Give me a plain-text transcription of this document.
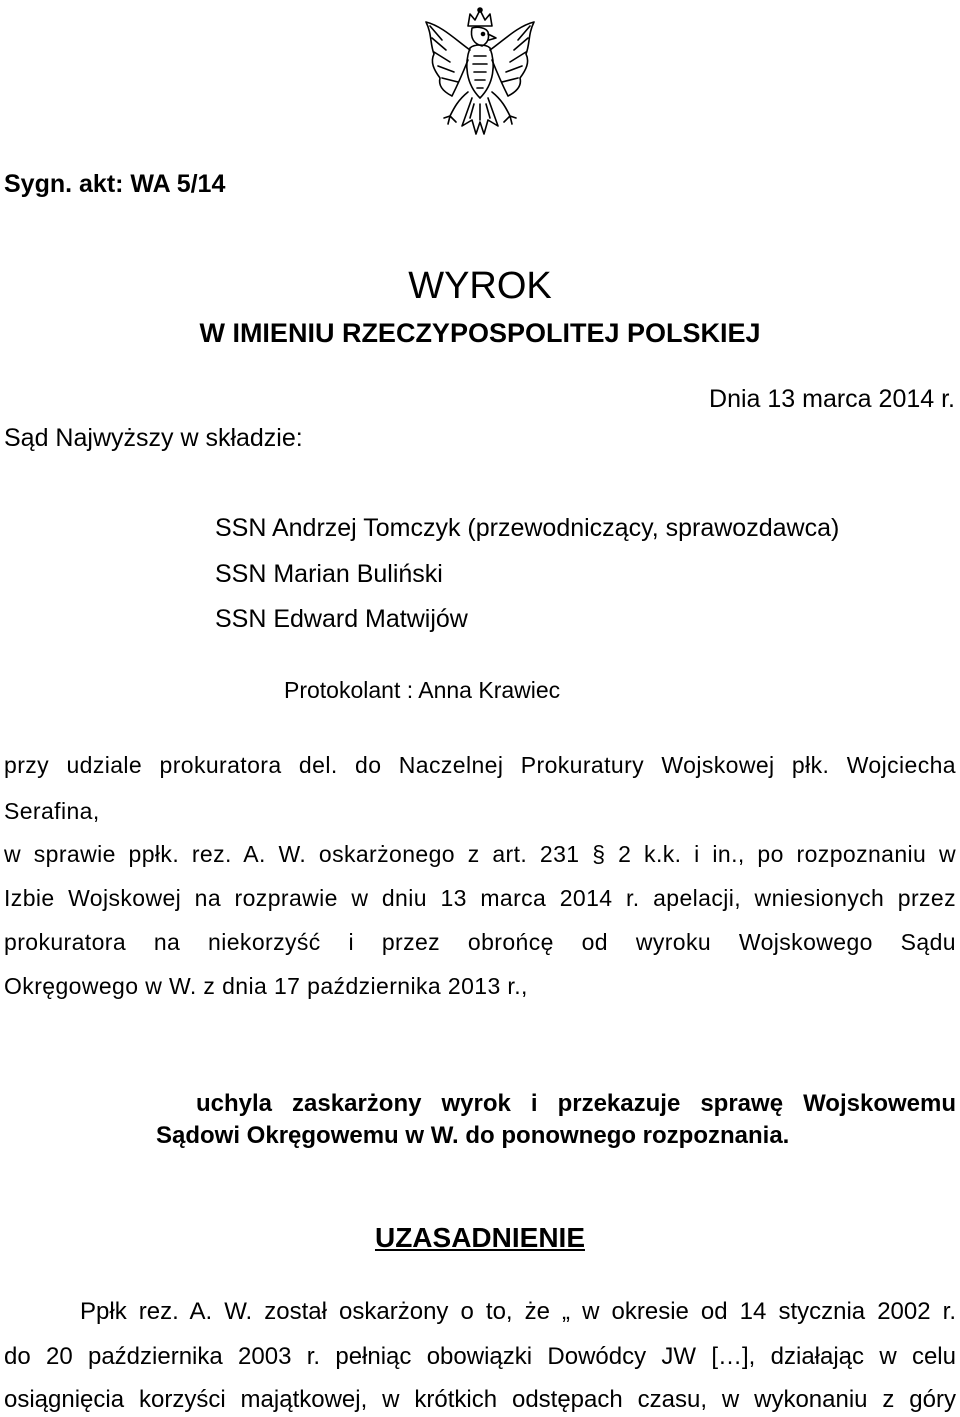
Sygn. akt: WA 5/14
WYROK
W IMIENIU RZECZYPOSPOLITEJ POLSKIEJ
Dnia 13 marca 2014 r.
Sąd Najwyższy w składzie:
SSN Andrzej Tomczyk (przewodniczący, sprawozdawca)
SSN Marian Buliński
SSN Edward Matwijów
Protokolant : Anna Krawiec
przy udziale prokuratora del. do Naczelnej Prokuratury Wojskowej płk. Wojciecha
Serafina,
w sprawie ppłk. rez. A. W. oskarżonego z art. 231 § 2 k.k. i in., po rozpoznaniu w
Izbie Wojskowej na rozprawie w dniu 13 marca 2014 r. apelacji, wniesionych przez
prokuratora na niekorzyść i przez obrońcę od wyroku Wojskowego Sądu
Okręgowego w W. z dnia 17 października 2013 r.,
uchyla zaskarżony wyrok i przekazuje sprawę Wojskowemu
Sądowi Okręgowemu w W. do ponownego rozpoznania.
UZASADNIENIE
Ppłk rez. A. W. został oskarżony o to, że „ w okresie od 14 stycznia 2002 r.
do 20 października 2003 r. pełniąc obowiązki Dowódcy JW […], działając w celu
osiągnięcia korzyści majątkowej, w krótkich odstępach czasu, w wykonaniu z góry
